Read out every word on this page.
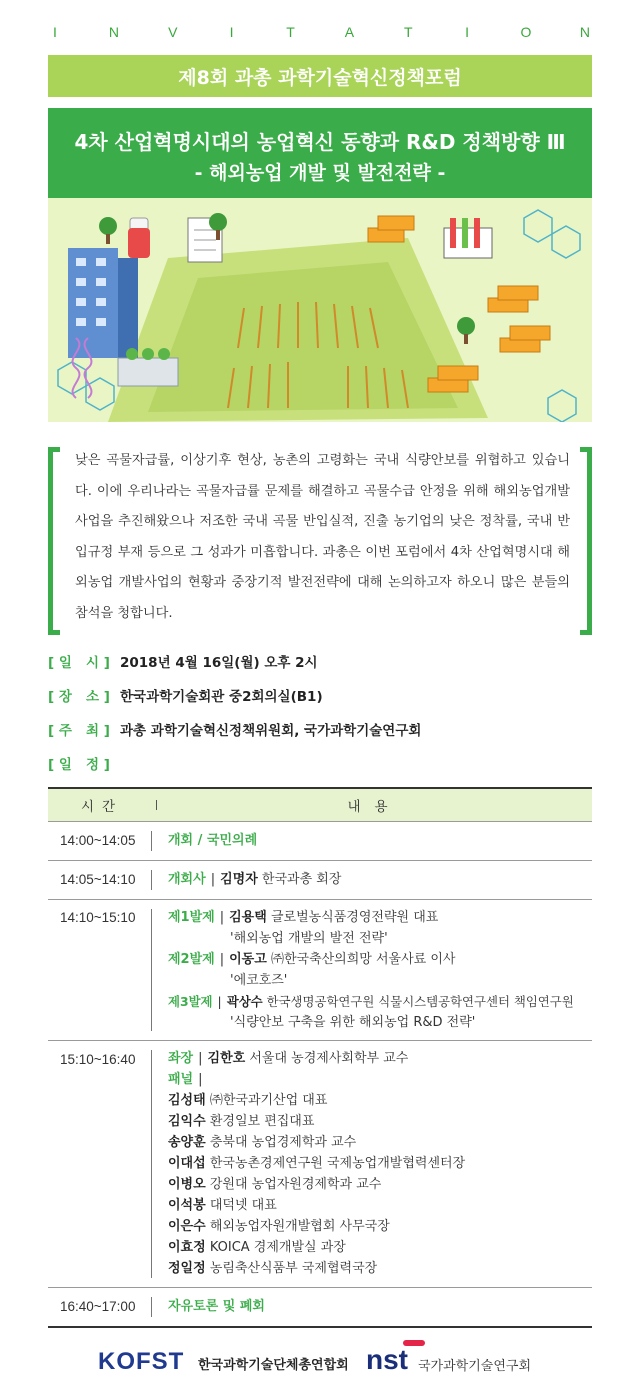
I	N	V	I	T	A	T	I	O	N
제8회 과총 과학기술혁신정책포럼
4차 산업혁명시대의 농업혁신 동향과 R&D 정책방향 Ⅲ
- 해외농업 개발 및 발전전략 -

낮은 곡물자급률, 이상기후 현상, 농촌의 고령화는 국내 식량안보를 위협하고 있습니다. 이에 우리나라는 곡물자급률 문제를 해결하고 곡물수급 안정을 위해 해외농업개발 사업을 추진해왔으나 저조한 국내 곡물 반입실적, 진출 농기업의 낮은 정착률, 국내 반입규정 부재 등으로 그 성과가 미흡합니다. 과총은 이번 포럼에서 4차 산업혁명시대 해외농업 개발사업의 현황과 중장기적 발전전략에 대해 논의하고자 하오니 많은 분들의 참석을 청합니다.

[ 일   시 ] 2018년 4월 16일(월) 오후 2시
[ 장   소 ] 한국과학기술회관 중2회의실(B1)
[ 주   최 ] 과총 과학기술혁신정책위원회, 국가과학기술연구회
[ 일   정 ]
시간	내용
14:00~14:05	개회 / 국민의례
14:05~14:10	개회사 | 김명자 한국과총 회장
14:10~15:10	제1발제 | 김용택 글로벌농식품경영전략원 대표
'해외농업 개발의 발전 전략'
제2발제 | 이동고 ㈜한국축산의희망 서울사료 이사
'에코호즈'
제3발제 | 곽상수 한국생명공학연구원 식물시스템공학연구센터 책임연구원
'식량안보 구축을 위한 해외농업 R&D 전략'
15:10~16:40	좌장 | 김한호 서울대 농경제사회학부 교수
패널 |
김성태 ㈜한국과기산업 대표
김익수 환경일보 편집대표
송양훈 충북대 농업경제학과 교수
이대섭 한국농촌경제연구원 국제농업개발협력센터장
이병오 강원대 농업자원경제학과 교수
이석봉 대덕넷 대표
이은수 해외농업자원개발협회 사무국장
이효정 KOICA 경제개발실 과장
정일정 농림축산식품부 국제협력국장
16:40~17:00	자유토론 및 폐회
KOFST 한국과학기술단체총연합회 nst 국가과학기술연구회
